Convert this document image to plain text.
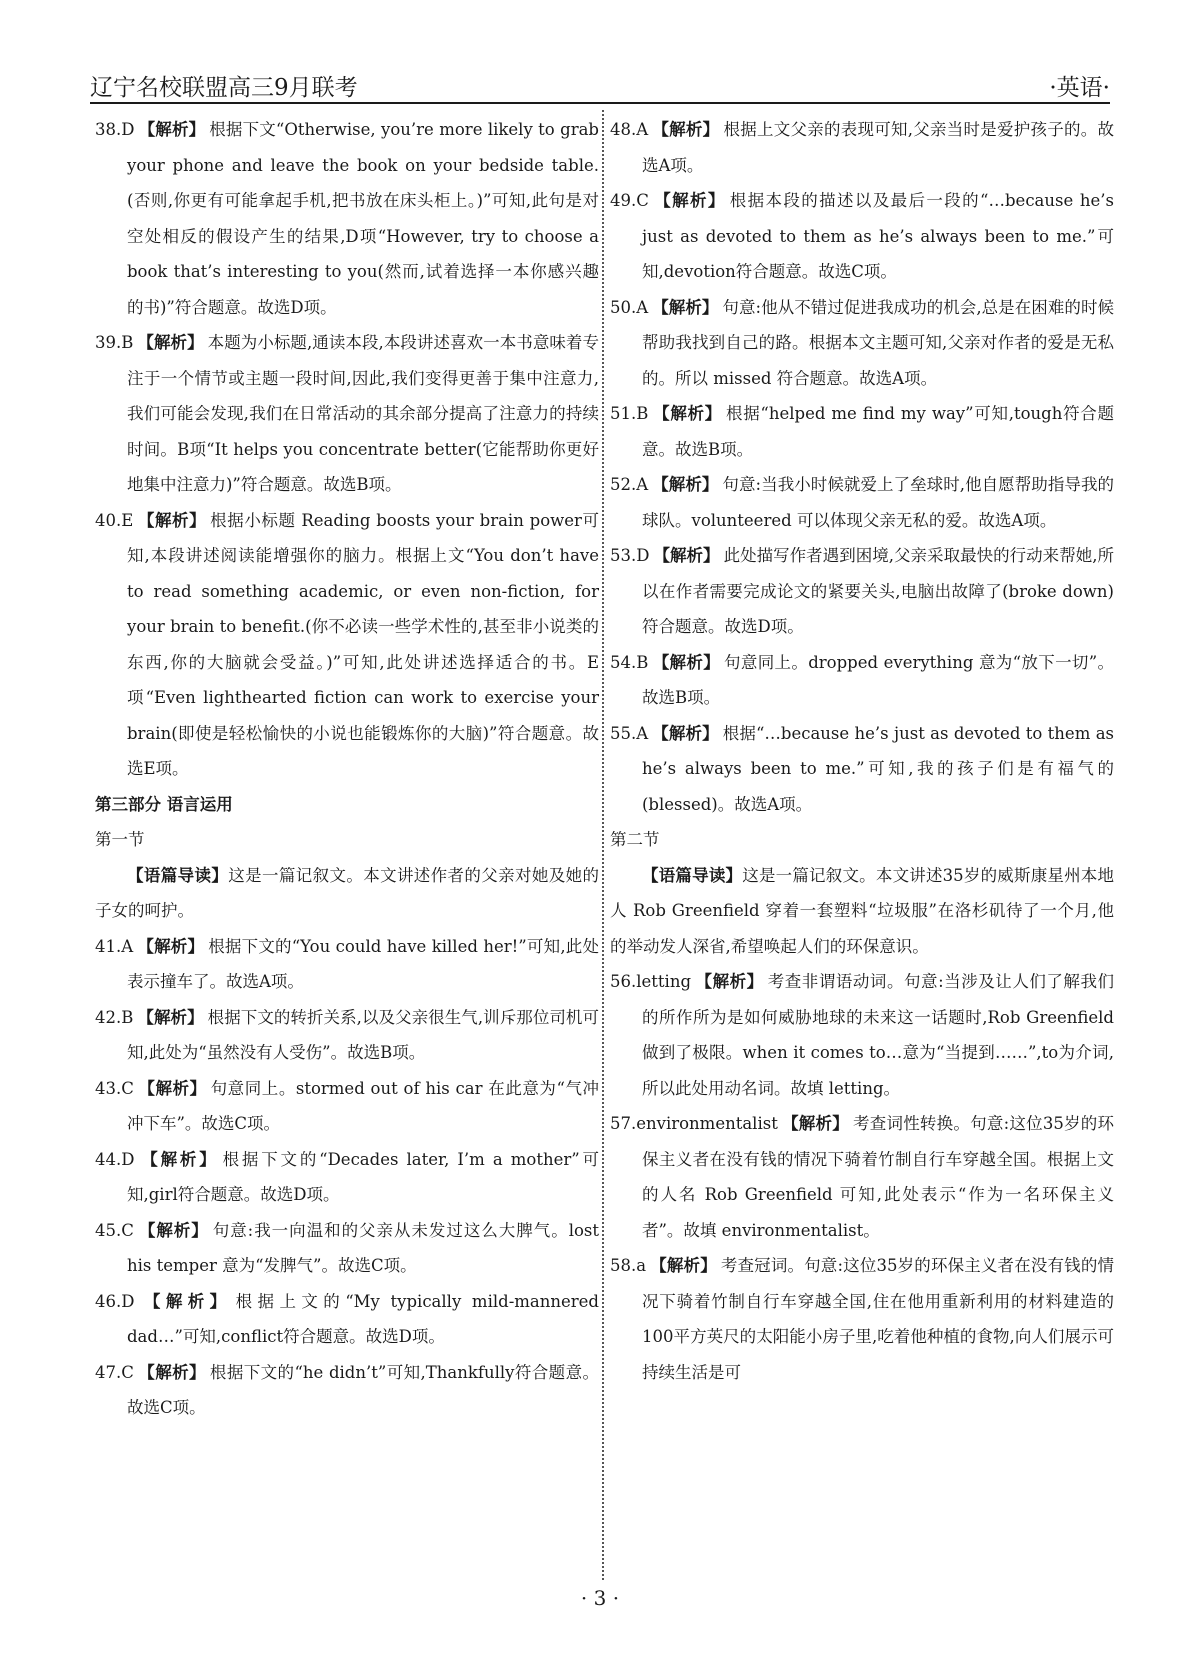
辽宁名校联盟高三9月联考	·英语·

38.D 【解析】 根据下文“Otherwise, you’re more likely to grab your phone and leave the book on your bedside table.(否则,你更有可能拿起手机,把书放在床头柜上。)”可知,此句是对空处相反的假设产生的结果,D项“However, try to choose a book that’s interesting to you(然而,试着选择一本你感兴趣的书)”符合题意。故选D项。

39.B 【解析】 本题为小标题,通读本段,本段讲述喜欢一本书意味着专注于一个情节或主题一段时间,因此,我们变得更善于集中注意力,我们可能会发现,我们在日常活动的其余部分提高了注意力的持续时间。B项“It helps you concentrate better(它能帮助你更好地集中注意力)”符合题意。故选B项。

40.E 【解析】 根据小标题 Reading boosts your brain power可知,本段讲述阅读能增强你的脑力。根据上文“You don’t have to read something academic, or even non-fiction, for your brain to benefit.(你不必读一些学术性的,甚至非小说类的东西,你的大脑就会受益。)”可知,此处讲述选择适合的书。E项“Even lighthearted fiction can work to exercise your brain(即使是轻松愉快的小说也能锻炼你的大脑)”符合题意。故选E项。

第三部分 语言运用

第一节

【语篇导读】这是一篇记叙文。本文讲述作者的父亲对她及她的子女的呵护。

41.A 【解析】 根据下文的“You could have killed her!”可知,此处表示撞车了。故选A项。

42.B 【解析】 根据下文的转折关系,以及父亲很生气,训斥那位司机可知,此处为“虽然没有人受伤”。故选B项。

43.C 【解析】 句意同上。stormed out of his car 在此意为“气冲冲下车”。故选C项。

44.D 【解析】 根据下文的“Decades later, I’m a mother”可知,girl符合题意。故选D项。

45.C 【解析】 句意:我一向温和的父亲从未发过这么大脾气。lost his temper 意为“发脾气”。故选C项。

46.D 【解析】 根据上文的“My typically mild-mannered dad…”可知,conflict符合题意。故选D项。

47.C 【解析】 根据下文的“he didn’t”可知,Thankfully符合题意。故选C项。

48.A 【解析】 根据上文父亲的表现可知,父亲当时是爱护孩子的。故选A项。

49.C 【解析】 根据本段的描述以及最后一段的“…because he’s just as devoted to them as he’s always been to me.”可知,devotion符合题意。故选C项。

50.A 【解析】 句意:他从不错过促进我成功的机会,总是在困难的时候帮助我找到自己的路。根据本文主题可知,父亲对作者的爱是无私的。所以 missed 符合题意。故选A项。

51.B 【解析】 根据“helped me find my way”可知,tough符合题意。故选B项。

52.A 【解析】 句意:当我小时候就爱上了垒球时,他自愿帮助指导我的球队。volunteered 可以体现父亲无私的爱。故选A项。

53.D 【解析】 此处描写作者遇到困境,父亲采取最快的行动来帮她,所以在作者需要完成论文的紧要关头,电脑出故障了(broke down)符合题意。故选D项。

54.B 【解析】 句意同上。dropped everything 意为“放下一切”。故选B项。

55.A 【解析】 根据“…because he’s just as devoted to them as he’s always been to me.”可知,我的孩子们是有福气的(blessed)。故选A项。

第二节

【语篇导读】这是一篇记叙文。本文讲述35岁的威斯康星州本地人 Rob Greenfield 穿着一套塑料“垃圾服”在洛杉矶待了一个月,他的举动发人深省,希望唤起人们的环保意识。

56.letting 【解析】 考查非谓语动词。句意:当涉及让人们了解我们的所作所为是如何威胁地球的未来这一话题时,Rob Greenfield 做到了极限。when it comes to…意为“当提到……”,to为介词,所以此处用动名词。故填 letting。

57.environmentalist 【解析】 考查词性转换。句意:这位35岁的环保主义者在没有钱的情况下骑着竹制自行车穿越全国。根据上文的人名 Rob Greenfield 可知,此处表示“作为一名环保主义者”。故填 environmentalist。

58.a 【解析】 考查冠词。句意:这位35岁的环保主义者在没有钱的情况下骑着竹制自行车穿越全国,住在他用重新利用的材料建造的100平方英尺的太阳能小房子里,吃着他种植的食物,向人们展示可持续生活是可

· 3 ·
